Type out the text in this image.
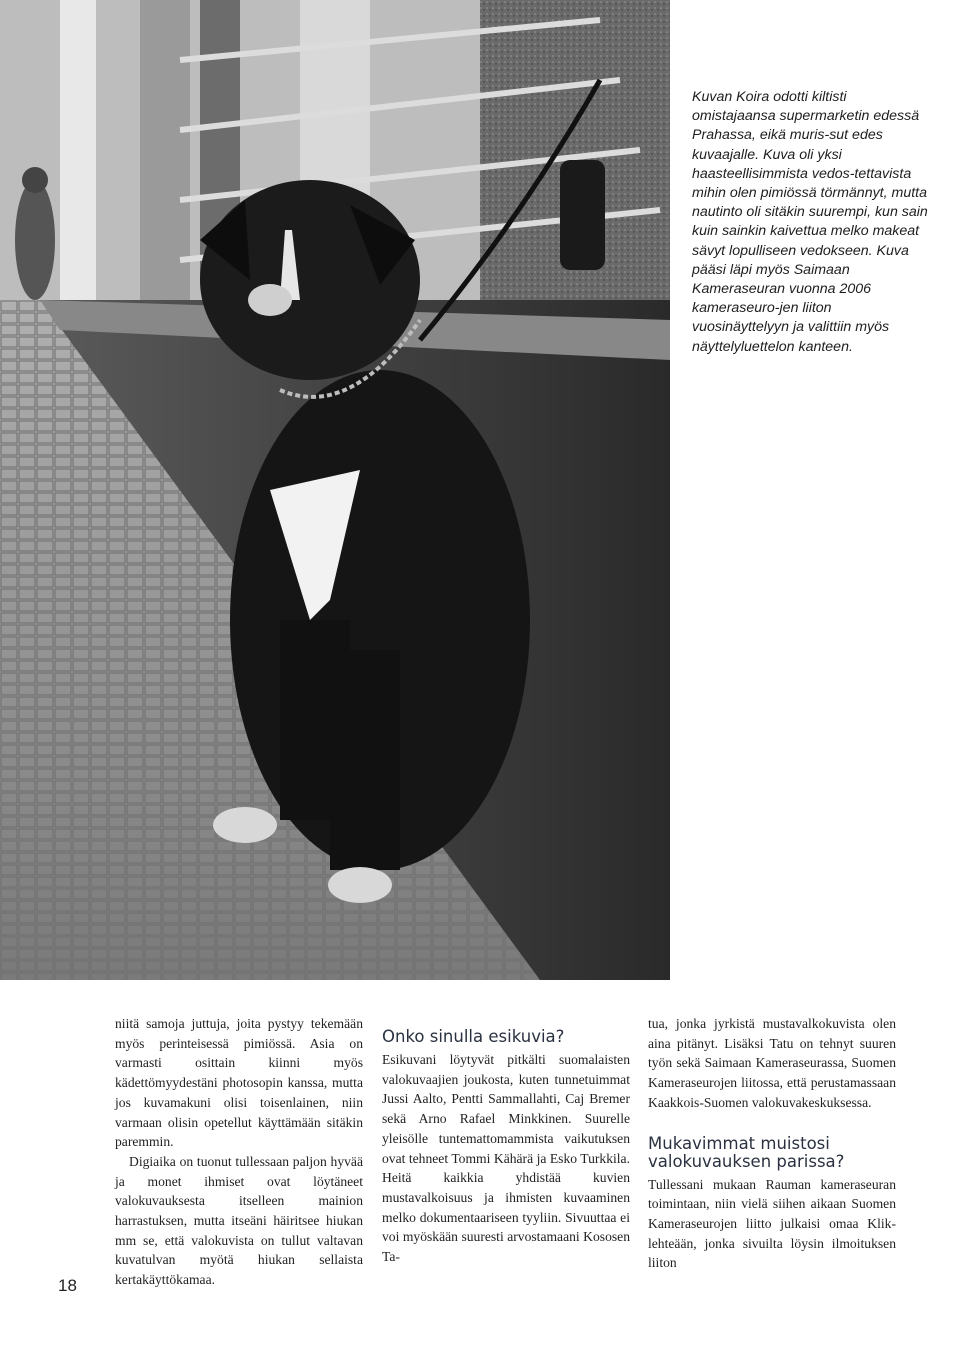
Kuvan Koira odotti kiltisti omistajaansa supermarketin edessä Prahassa, eikä muris-sut edes kuvaajalle. Kuva oli yksi haasteellisimmista vedos-tettavista mihin olen pimiössä törmännyt, mutta nautinto oli sitäkin suurempi, kun sain kuin sainkin kaivettua melko makeat sävyt lopulliseen vedokseen. Kuva pääsi läpi myös Saimaan Kameraseuran vuonna 2006 kameraseuro-jen liiton vuosinäyttelyyn ja valittiin myös näyttelyluettelon kanteen.

niitä samoja juttuja, joita pystyy tekemään myös perinteisessä pimiössä. Asia on varmasti osittain kiinni myös kädettömyydestäni photosopin kanssa, mutta jos kuvamakuni olisi toisenlainen, niin varmaan olisin opetellut käyttämään sitäkin paremmin.

Digiaika on tuonut tullessaan paljon hyvää ja monet ihmiset ovat löytäneet valokuvauksesta itselleen mainion harrastuksen, mutta itseäni häiritsee hiukan mm se, että valokuvista on tullut valtavan kuvatulvan myötä hiukan sellaista kertakäyttökamaa.

Onko sinulla esikuvia?

Esikuvani löytyvät pitkälti suomalaisten valokuvaajien joukosta, kuten tunnetuimmat Jussi Aalto, Pentti Sammallahti, Caj Bremer sekä Arno Rafael Minkkinen. Suurelle yleisölle tuntemattomammista vaikutuksen ovat tehneet Tommi Kähärä ja Esko Turkkila. Heitä kaikkia yhdistää kuvien mustavalkoisuus ja ihmisten kuvaaminen melko dokumentaariseen tyyliin. Sivuuttaa ei voi myöskään suuresti arvostamaani Kososen Ta-

tua, jonka jyrkistä mustavalkokuvista olen aina pitänyt. Lisäksi Tatu on tehnyt suuren työn sekä Saimaan Kameraseurassa, Suomen Kameraseurojen liitossa, että perustamassaan Kaakkois-Suomen valokuvakeskuksessa.

Mukavimmat muistosi valokuvauksen parissa?

Tullessani mukaan Rauman kameraseuran toimintaan, niin vielä siihen aikaan Suomen Kameraseurojen liitto julkaisi omaa Klik-lehteään, jonka sivuilta löysin ilmoituksen liiton

18
